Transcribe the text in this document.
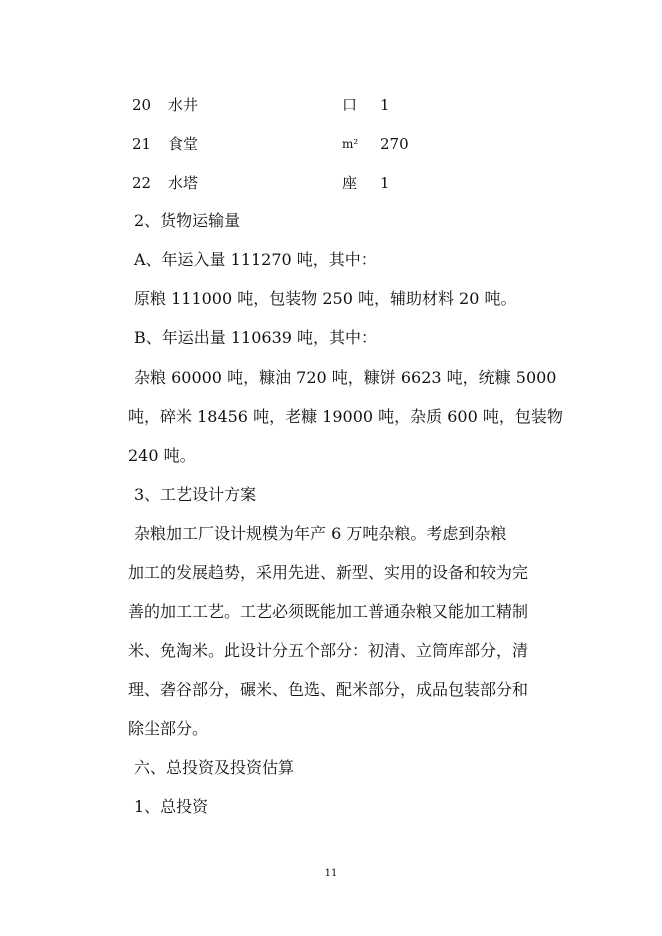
20 水井	口 1
21 食堂	m² 270
22 水塔	座 1
2、货物运输量
A、年运入量 111270 吨，其中：
原粮 111000 吨，包装物 250 吨，辅助材料 20 吨。
B、年运出量 110639 吨，其中：
杂粮 60000 吨，糠油 720 吨，糠饼 6623 吨，统糠 5000
吨，碎米 18456 吨，老糠 19000 吨，杂质 600 吨，包装物
240 吨。
3、工艺设计方案
杂粮加工厂设计规模为年产 6 万吨杂粮。考虑到杂粮
加工的发展趋势，采用先进、新型、实用的设备和较为完
善的加工工艺。工艺必须既能加工普通杂粮又能加工精制
米、免淘米。此设计分五个部分：初清、立筒库部分，清
理、砻谷部分，碾米、色选、配米部分，成品包装部分和
除尘部分。
六、总投资及投资估算
1、总投资
11
